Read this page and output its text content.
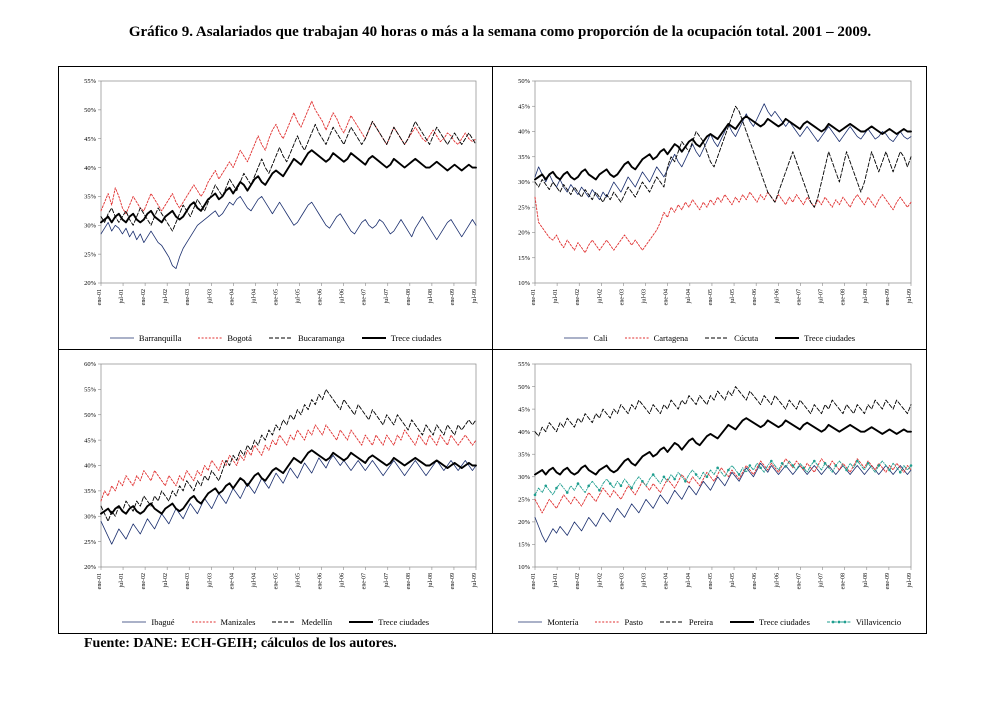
Gráfico 9. Asalariados que trabajan 40 horas o más a la semana como proporción de la ocupación total. 2001 – 2009.
20%
25%
30%
35%
40%
45%
50%
55%
ene-01	jul-01	ene-02	jul-02	ene-03	jul-03	ene-04	jul-04	ene-05	jul-05	ene-06	jul-06	ene-07	jul-07	ene-08	jul-08	ene-09	jul-09
Barranquilla	Bogotá	Bucaramanga	Trece ciudades
10%
15%
20%
25%
30%
35%
40%
45%
50%
ene-01	jul-01	ene-02	jul-02	ene-03	jul-03	ene-04	jul-04	ene-05	jul-05	ene-06	jul-06	ene-07	jul-07	ene-08	jul-08	ene-09	jul-09
Cali	Cartagena	Cúcuta	Trece ciudades
20%
25%
30%
35%
40%
45%
50%
55%
60%
ene-01	jul-01	ene-02	jul-02	ene-03	jul-03	ene-04	jul-04	ene-05	jul-05	ene-06	jul-06	ene-07	jul-07	ene-08	jul-08	ene-09	jul-09
Ibagué	Manizales	Medellín	Trece ciudades
10%
15%
20%
25%
30%
35%
40%
45%
50%
55%
ene-01	jul-01	ene-02	jul-02	ene-03	jul-03	ene-04	jul-04	ene-05	jul-05	ene-06	jul-06	ene-07	jul-07	ene-08	jul-08	ene-09	jul-09
Montería	Pasto	Pereira	Trece ciudades	Villavicencio
Fuente: DANE: ECH-GEIH; cálculos de los autores.
